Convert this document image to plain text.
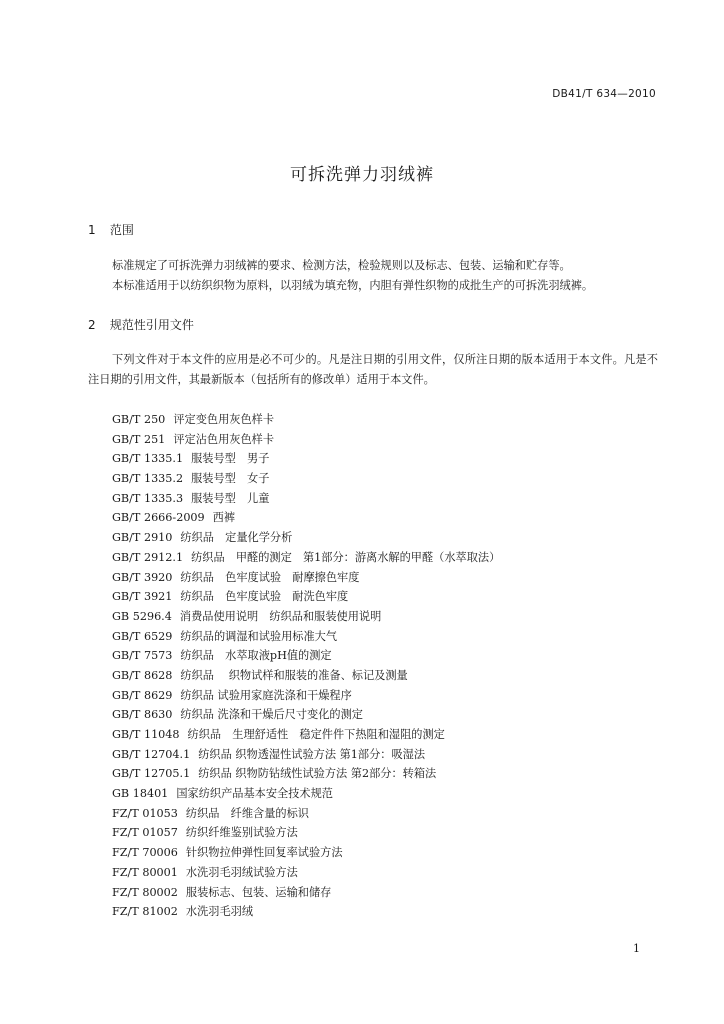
DB41/T 634—2010
可拆洗弹力羽绒裤
1 范围

标准规定了可拆洗弹力羽绒裤的要求、检测方法，检验规则以及标志、包装、运输和贮存等。

本标准适用于以纺织织物为原料，以羽绒为填充物，内胆有弹性织物的成批生产的可拆洗羽绒裤。

2 规范性引用文件

下列文件对于本文件的应用是必不可少的。凡是注日期的引用文件，仅所注日期的版本适用于本文件。凡是不注日期的引用文件，其最新版本（包括所有的修改单）适用于本文件。

GB/T 250 评定变色用灰色样卡
GB/T 251 评定沾色用灰色样卡
GB/T 1335.1 服装号型　男子
GB/T 1335.2 服装号型　女子
GB/T 1335.3 服装号型　儿童
GB/T 2666-2009 西裤
GB/T 2910 纺织品　定量化学分析
GB/T 2912.1 纺织品　甲醛的测定　第1部分：游离水解的甲醛（水萃取法）
GB/T 3920 纺织品　色牢度试验　耐摩擦色牢度
GB/T 3921 纺织品　色牢度试验　耐洗色牢度
GB 5296.4 消费品使用说明　纺织品和服装使用说明
GB/T 6529 纺织品的调湿和试验用标准大气
GB/T 7573 纺织品　水萃取液pH值的测定
GB/T 8628 纺织品　 织物试样和服装的准备、标记及测量
GB/T 8629 纺织品 试验用家庭洗涤和干燥程序
GB/T 8630 纺织品 洗涤和干燥后尺寸变化的测定
GB/T 11048 纺织品　生理舒适性　稳定件件下热阻和湿阻的测定
GB/T 12704.1 纺织品 织物透湿性试验方法 第1部分：吸湿法
GB/T 12705.1 纺织品 织物防钻绒性试验方法 第2部分：转箱法
GB 18401 国家纺织产品基本安全技术规范
FZ/T 01053 纺织品　纤维含量的标识
FZ/T 01057 纺织纤维鉴别试验方法
FZ/T 70006 针织物拉伸弹性回复率试验方法
FZ/T 80001 水洗羽毛羽绒试验方法
FZ/T 80002 服装标志、包装、运输和储存
FZ/T 81002 水洗羽毛羽绒
1
